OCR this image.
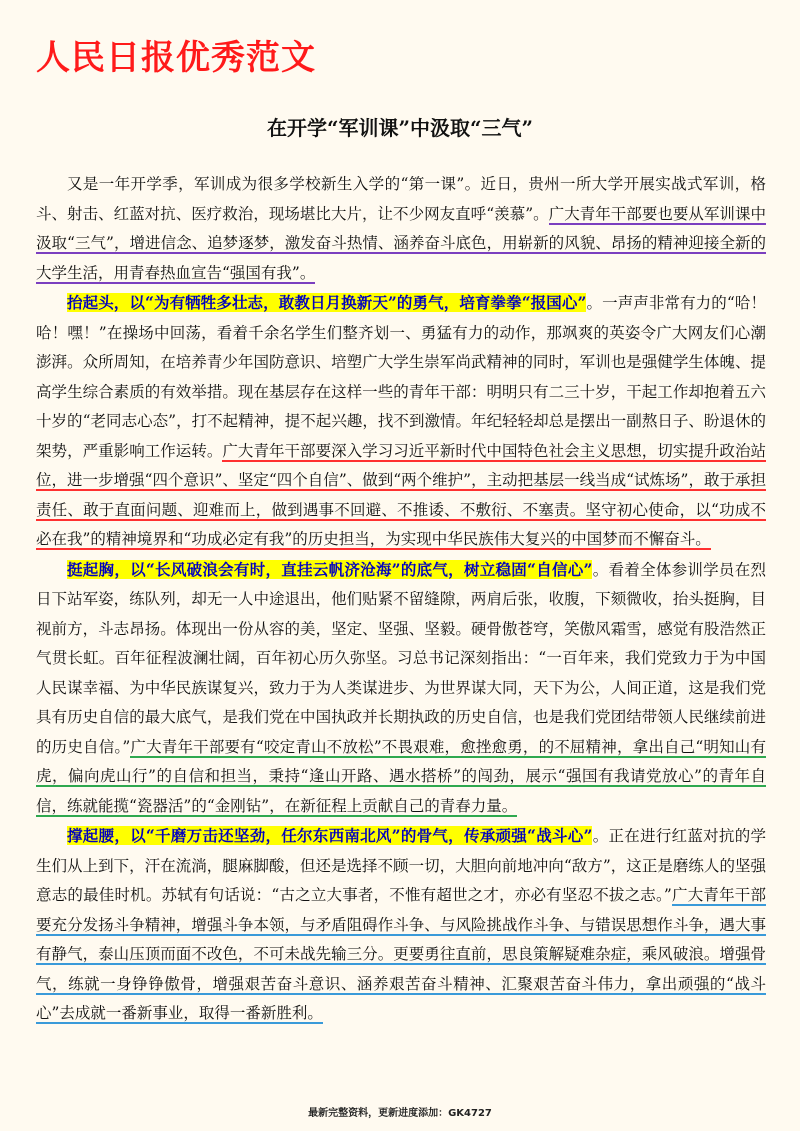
人民日报优秀范文
在开学“军训课”中汲取“三气”

又是一年开学季，军训成为很多学校新生入学的“第一课”。近日，贵州一所大学开展实战式军训，格斗、射击、红蓝对抗、医疗救治，现场堪比大片，让不少网友直呼“羡慕”。广大青年干部要也要从军训课中汲取“三气”，增进信念、追梦逐梦，激发奋斗热情、涵养奋斗底色，用崭新的风貌、昂扬的精神迎接全新的大学生活，用青春热血宣告“强国有我”。

抬起头，以“为有牺牲多壮志，敢教日月换新天”的勇气，培育拳拳“报国心”。一声声非常有力的“哈！哈！嘿！”在操场中回荡，看着千余名学生们整齐划一、勇猛有力的动作，那飒爽的英姿令广大网友们心潮澎湃。众所周知，在培养青少年国防意识、培塑广大学生崇军尚武精神的同时，军训也是强健学生体魄、提高学生综合素质的有效举措。现在基层存在这样一些的青年干部：明明只有二三十岁，干起工作却抱着五六十岁的“老同志心态”，打不起精神，提不起兴趣，找不到激情。年纪轻轻却总是摆出一副熬日子、盼退休的架势，严重影响工作运转。广大青年干部要深入学习习近平新时代中国特色社会主义思想，切实提升政治站位，进一步增强“四个意识”、坚定“四个自信”、做到“两个维护”，主动把基层一线当成“试炼场”，敢于承担责任、敢于直面问题、迎难而上，做到遇事不回避、不推诿、不敷衍、不塞责。坚守初心使命，以“功成不必在我”的精神境界和“功成必定有我”的历史担当，为实现中华民族伟大复兴的中国梦而不懈奋斗。

挺起胸，以“长风破浪会有时，直挂云帆济沧海”的底气，树立稳固“自信心”。看着全体参训学员在烈日下站军姿，练队列，却无一人中途退出，他们贴紧不留缝隙，两肩后张，收腹，下颏微收，抬头挺胸，目视前方，斗志昂扬。体现出一份从容的美，坚定、坚强、坚毅。硬骨傲苍穹，笑傲风霜雪，感觉有股浩然正气贯长虹。百年征程波澜壮阔，百年初心历久弥坚。习总书记深刻指出：“一百年来，我们党致力于为中国人民谋幸福、为中华民族谋复兴，致力于为人类谋进步、为世界谋大同，天下为公，人间正道，这是我们党具有历史自信的最大底气，是我们党在中国执政并长期执政的历史自信，也是我们党团结带领人民继续前进的历史自信。”广大青年干部要有“咬定青山不放松”不畏艰难，愈挫愈勇，的不屈精神，拿出自己“明知山有虎，偏向虎山行”的自信和担当，秉持“逢山开路、遇水搭桥”的闯劲，展示“强国有我请党放心”的青年自信，练就能揽“瓷器活”的“金刚钻”，在新征程上贡献自己的青春力量。

撑起腰，以“千磨万击还坚劲，任尔东西南北风”的骨气，传承顽强“战斗心”。正在进行红蓝对抗的学生们从上到下，汗在流淌，腿麻脚酸，但还是选择不顾一切，大胆向前地冲向“敌方”，这正是磨练人的坚强意志的最佳时机。苏轼有句话说：“古之立大事者，不惟有超世之才，亦必有坚忍不拔之志。”广大青年干部要充分发扬斗争精神，增强斗争本领，与矛盾阻碍作斗争、与风险挑战作斗争、与错误思想作斗争，遇大事有静气，泰山压顶而面不改色，不可未战先输三分。更要勇往直前，思良策解疑难杂症，乘风破浪。增强骨气，练就一身铮铮傲骨，增强艰苦奋斗意识、涵养艰苦奋斗精神、汇聚艰苦奋斗伟力，拿出顽强的“战斗心”去成就一番新事业，取得一番新胜利。

最新完整资料，更新进度添加：GK4727
